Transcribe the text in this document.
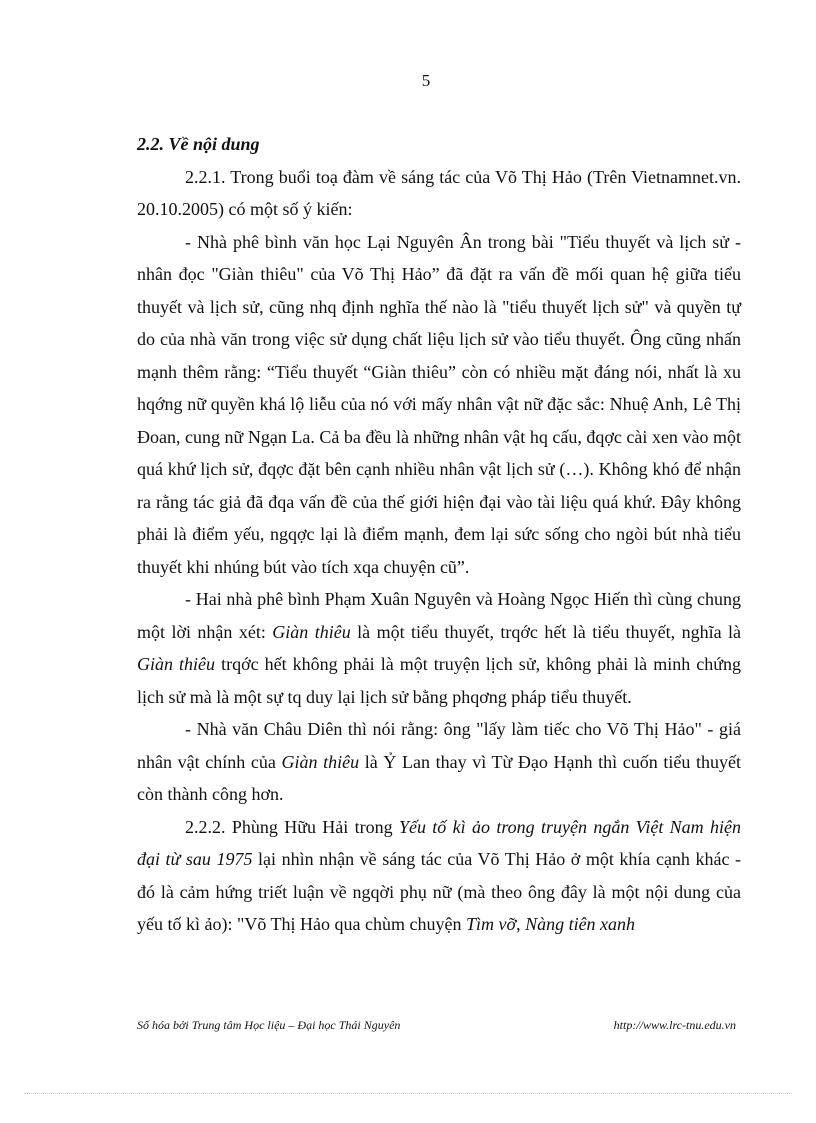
5
2.2. Về nội dung

2.2.1. Trong buổi toạ đàm về sáng tác của Võ Thị Hảo (Trên Vietnamnet.vn. 20.10.2005) có một số ý kiến:

- Nhà phê bình văn học Lại Nguyên Ân trong bài "Tiểu thuyết và lịch sử - nhân đọc "Giàn thiêu" của Võ Thị Hảo” đã đặt ra vấn đề mối quan hệ giữa tiểu thuyết và lịch sử, cũng nhq định nghĩa thế nào là "tiểu thuyết lịch sử" và quyền tự do của nhà văn trong việc sử dụng chất liệu lịch sử vào tiểu thuyết. Ông cũng nhấn mạnh thêm rằng: “Tiểu thuyết “Giàn thiêu” còn có nhiều mặt đáng nói, nhất là xu hqớng nữ quyền khá lộ liễu của nó với mấy nhân vật nữ đặc sắc: Nhuệ Anh, Lê Thị Đoan, cung nữ Ngạn La. Cả ba đều là những nhân vật hq cấu, đqợc cài xen vào một quá khứ lịch sử, đqợc đặt bên cạnh nhiều nhân vật lịch sử (…). Không khó để nhận ra rằng tác giả đã đqa vấn đề của thế giới hiện đại vào tài liệu quá khứ. Đây không phải là điểm yếu, ngqợc lại là điểm mạnh, đem lại sức sống cho ngòi bút nhà tiểu thuyết khi nhúng bút vào tích xqa chuyện cũ”.

- Hai nhà phê bình Phạm Xuân Nguyên và Hoàng Ngọc Hiến thì cùng chung một lời nhận xét: Giàn thiêu là một tiểu thuyết, trqớc hết là tiểu thuyết, nghĩa là Giàn thiêu trqớc hết không phải là một truyện lịch sử, không phải là minh chứng lịch sử mà là một sự tq duy lại lịch sử bằng phqơng pháp tiểu thuyết.

- Nhà văn Châu Diên thì nói rằng: ông "lấy làm tiếc cho Võ Thị Hảo" - giá nhân vật chính của Giàn thiêu là Ỷ Lan thay vì Từ Đạo Hạnh thì cuốn tiểu thuyết còn thành công hơn.

2.2.2. Phùng Hữu Hải trong Yếu tố kì ảo trong truyện ngắn Việt Nam hiện đại từ sau 1975 lại nhìn nhận về sáng tác của Võ Thị Hảo ở một khía cạnh khác - đó là cảm hứng triết luận về ngqời phụ nữ (mà theo ông đây là một nội dung của yếu tố kì ảo): "Võ Thị Hảo qua chùm chuyện Tìm vỡ, Nàng tiên xanh

Số hóa bởi Trung tâm Học liệu – Đại học Thái Nguyên	http://www.lrc-tnu.edu.vn
